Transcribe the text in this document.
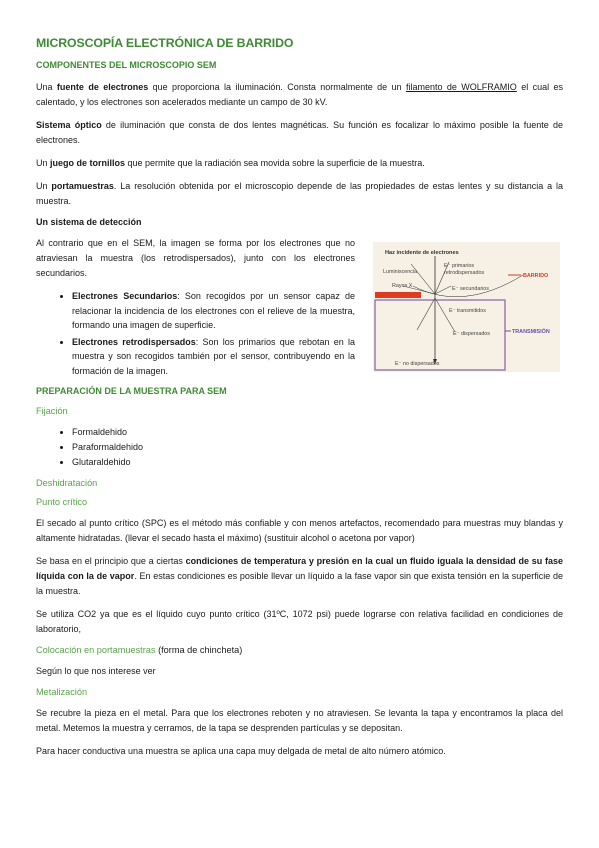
MICROSCOPÍA ELECTRÓNICA DE BARRIDO
COMPONENTES DEL MICROSCOPIO SEM

Una fuente de electrones que proporciona la iluminación. Consta normalmente de un filamento de WOLFRAMIO el cual es calentado, y los electrones son acelerados mediante un campo de 30 kV.

Sistema óptico de iluminación que consta de dos lentes magnéticas. Su función es focalizar lo máximo posible la fuente de electrones.

Un juego de tornillos que permite que la radiación sea movida sobre la superficie de la muestra.

Un portamuestras. La resolución obtenida por el microscopio depende de las propiedades de estas lentes y su distancia a la muestra.

Un sistema de detección

Al contrario que en el SEM, la imagen se forma por los electrones que no atraviesan la muestra (los retrodispersados), junto con los electrones secundarios.

• Electrones Secundarios: Son recogidos por un sensor capaz de relacionar la incidencia de los electrones con el relieve de la muestra, formando una imagen de superficie.
• Electrones retrodispersados: Son los primarios que rebotan en la muestra y son recogidos también por el sensor, contribuyendo en la formación de la imagen.
Haz incidente de electrones
Luminiscencia
Rayos X
E⁻ primarios
retrodispersados
E⁻ secundarios
BARRIDO
E⁻ transmitidos
E⁻ dispersados	TRANSMISIÓN
E⁻ no dispersados
PREPARACIÓN DE LA MUESTRA PARA SEM
Fijación
• Formaldehido
• Paraformaldehido
• Glutaraldehido
Deshidratación
Punto crítico

El secado al punto crítico (SPC) es el método más confiable y con menos artefactos, recomendado para muestras muy blandas y altamente hidratadas. (llevar el secado hasta el máximo) (sustituir alcohol o acetona por vapor)

Se basa en el principio que a ciertas condiciones de temperatura y presión en la cual un fluido iguala la densidad de su fase líquida con la de vapor. En estas condiciones es posible llevar un líquido a la fase vapor sin que exista tensión en la superficie de la muestra.

Se utiliza CO2 ya que es el líquido cuyo punto crítico (31ºC, 1072 psi) puede lograrse con relativa facilidad en condiciones de laboratorio,

Colocación en portamuestras (forma de chincheta)

Según lo que nos interese ver

Metalización

Se recubre la pieza en el metal. Para que los electrones reboten y no atraviesen. Se levanta la tapa y encontramos la placa del metal. Metemos la muestra y cerramos, de la tapa se desprenden partículas y se depositan.

Para hacer conductiva una muestra se aplica una capa muy delgada de metal de alto número atómico.
